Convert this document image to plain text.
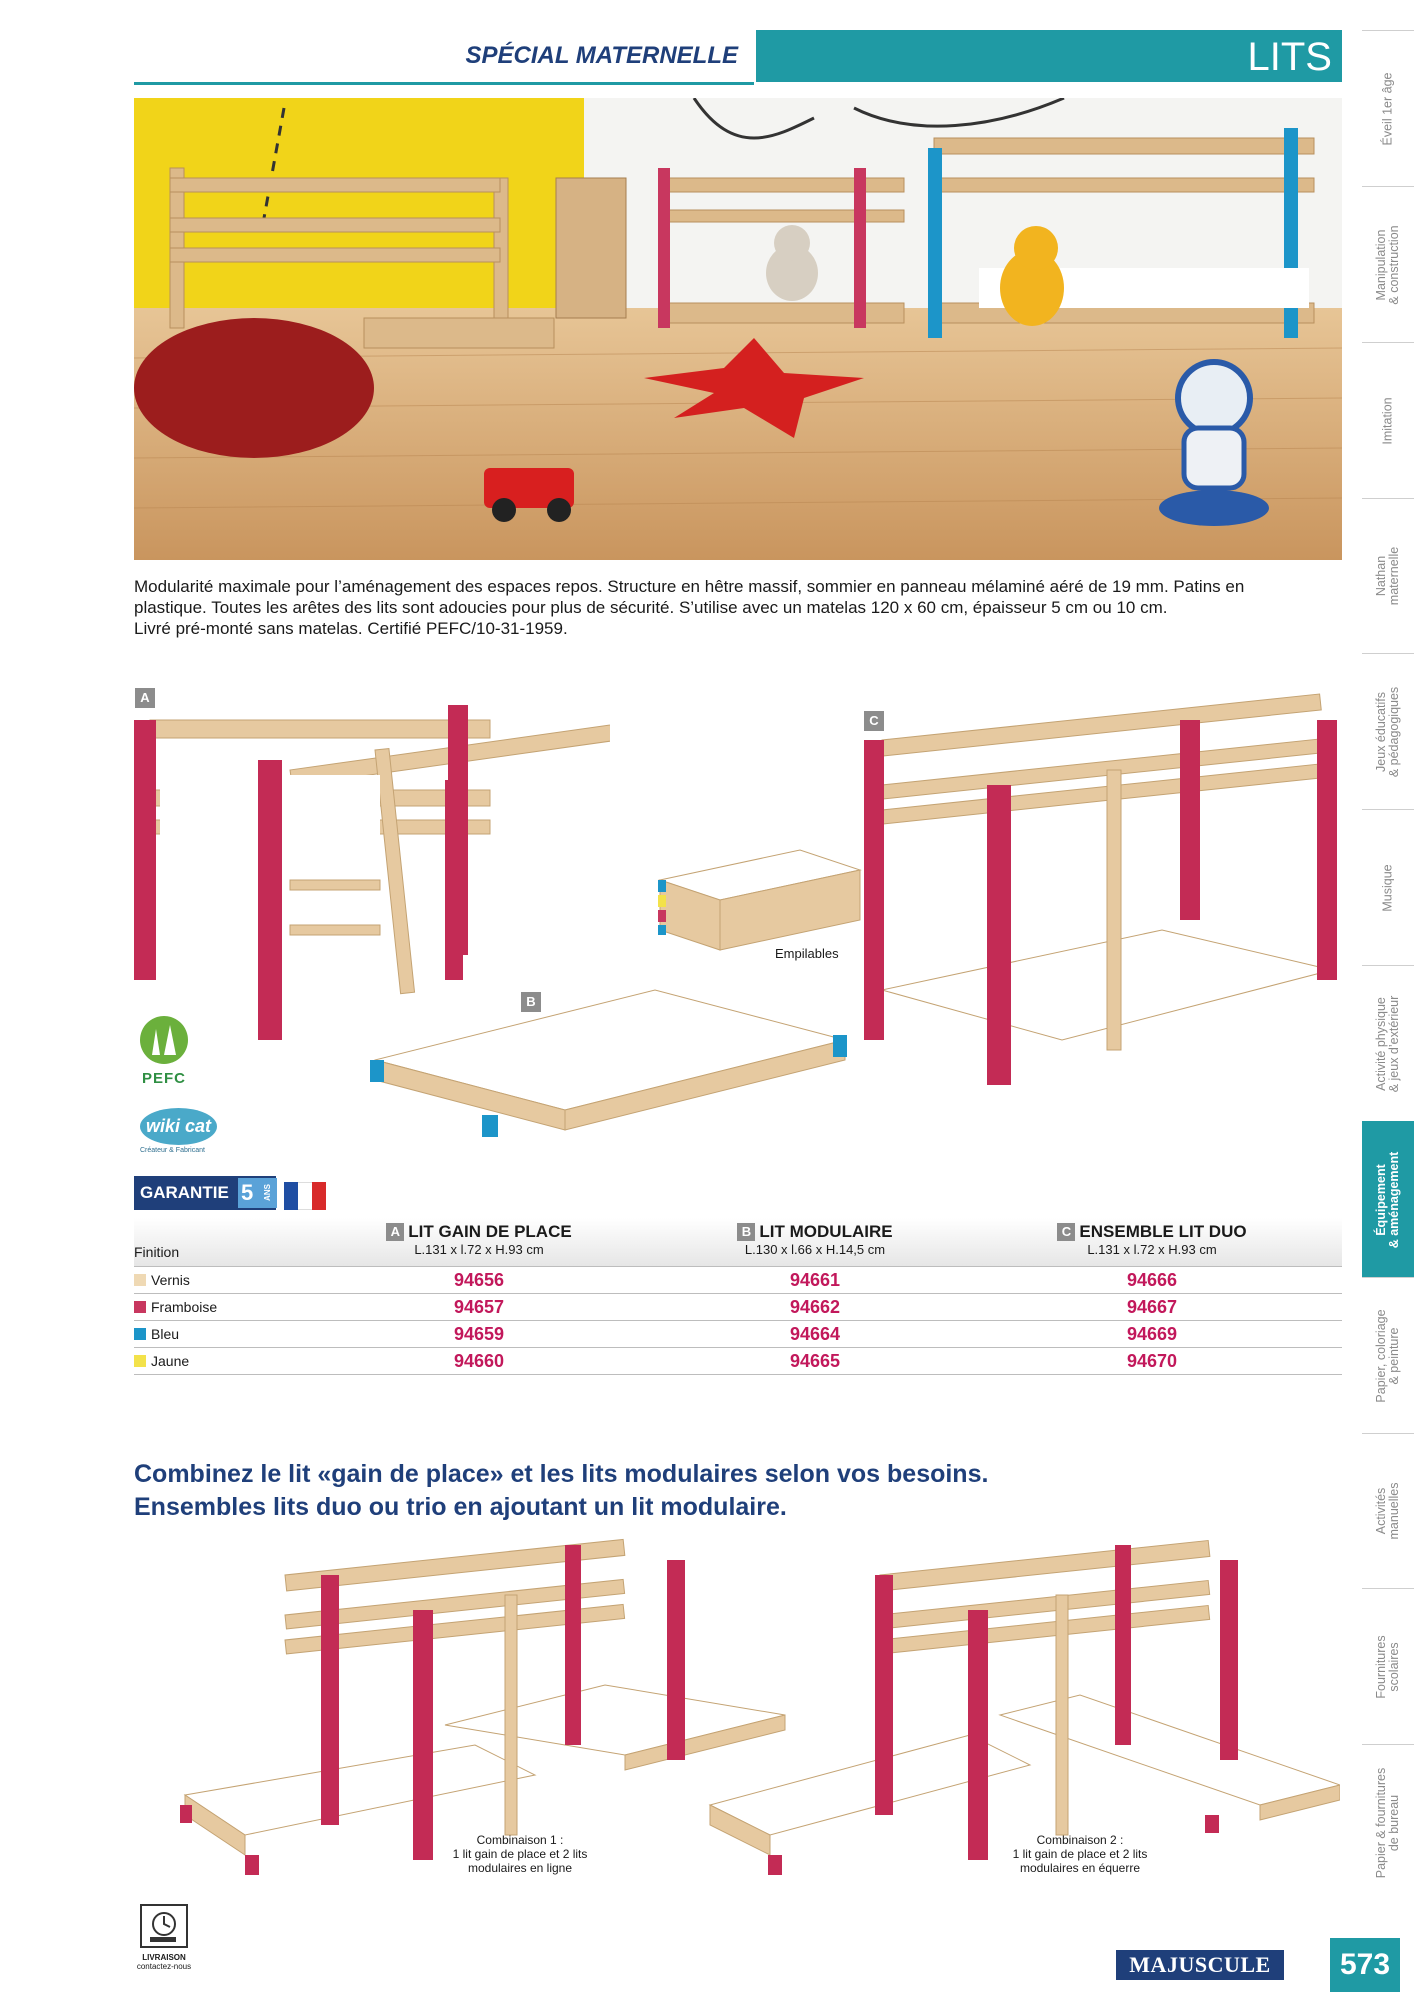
SPÉCIAL MATERNELLE	LITS
Éveil 1er âge
Manipulation
& construction
Imitation
Nathan
maternelle
Jeux éducatifs
& pédagogiques
Musique
Activité physique
& jeux d’extérieur
Équipement
& aménagement
Papier, coloriage
& peinture
Activités
manuelles
Fournitures
scolaires
Papier & fournitures
de bureau
Modularité maximale pour l’aménagement des espaces repos. Structure en hêtre massif, sommier en panneau mélaminé aéré de 19 mm. Patins en
plastique. Toutes les arêtes des lits sont adoucies pour plus de sécurité. S’utilise avec un matelas 120 x 60 cm, épaisseur 5 cm ou 10 cm.
Livré pré-monté sans matelas. Certifié PEFC/10-31-1959.
A
C
B
Empilables
PEFC
wiki cat
Créateur & Fabricant
GARANTIE 5	ANS
Finition
A LIT GAIN DE PLACE
L.131 x l.72 x H.93 cm
B LIT MODULAIRE
L.130 x l.66 x H.14,5 cm
C ENSEMBLE LIT DUO
L.131 x l.72 x H.93 cm
Vernis	94656	94661	94666
Framboise	94657	94662	94667
Bleu	94659	94664	94669
Jaune	94660	94665	94670
Combinez le lit «gain de place» et les lits modulaires selon vos besoins.
Ensembles lits duo ou trio en ajoutant un lit modulaire.
Combinaison 1 :
1 lit gain de place et 2 lits
modulaires en ligne
Combinaison 2 :
1 lit gain de place et 2 lits
modulaires en équerre
LIVRAISON
contactez-nous	MAJUSCULE	573
